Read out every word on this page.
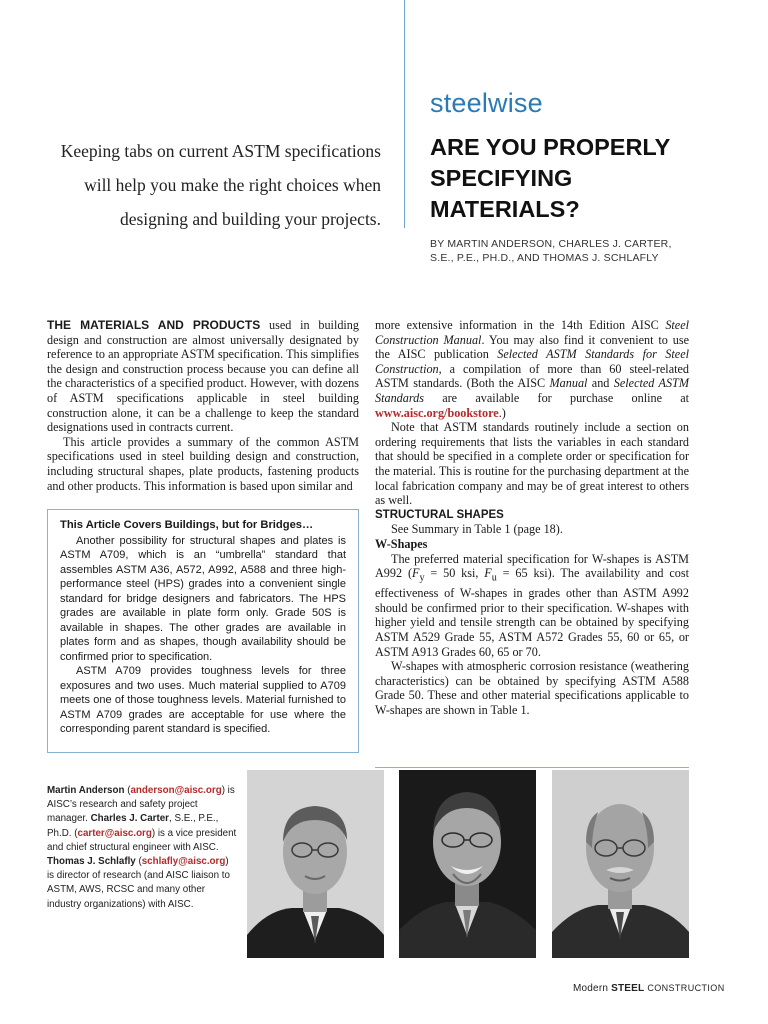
steelwise
ARE YOU PROPERLY
SPECIFYING
MATERIALS?
BY MARTIN ANDERSON, CHARLES J. CARTER,
S.E., P.E., PH.D., AND THOMAS J. SCHLAFLY
Keeping tabs on current ASTM specifications
will help you make the right choices when
designing and building your projects.

THE MATERIALS AND PRODUCTS used in building design and construction are almost universally designated by reference to an appropriate ASTM specification. This simplifies the design and construction process because you can define all the characteristics of a specified product. However, with dozens of ASTM specifications applicable in steel building construction alone, it can be a challenge to keep the standard designations used in contracts current.

This article provides a summary of the common ASTM specifications used in steel building design and construction, including structural shapes, plate products, fastening products and other products. This information is based upon similar and

This Article Covers Buildings, but for Bridges…

Another possibility for structural shapes and plates is ASTM A709, which is an “umbrella” standard that assembles ASTM A36, A572, A992, A588 and three high-performance steel (HPS) grades into a convenient single standard for bridge designers and fabricators. The HPS grades are available in plate form only. Grade 50S is available in shapes. The other grades are available in plates form and as shapes, though availability should be confirmed prior to specification.

ASTM A709 provides toughness levels for three exposures and two uses. Much material supplied to A709 meets one of those toughness levels. Material furnished to ASTM A709 grades are acceptable for use where the corresponding parent standard is specified.

more extensive information in the 14th Edition AISC Steel Construction Manual. You may also find it convenient to use the AISC publication Selected ASTM Standards for Steel Construction, a compilation of more than 60 steel-related ASTM standards. (Both the AISC Manual and Selected ASTM Standards are available for purchase online at www.aisc.org/bookstore.)

Note that ASTM standards routinely include a section on ordering requirements that lists the variables in each standard that should be specified in a complete order or specification for the material. This is routine for the purchasing department at the local fabrication company and may be of great interest to others as well.

STRUCTURAL SHAPES

See Summary in Table 1 (page 18).

W-Shapes

The preferred material specification for W-shapes is ASTM A992 ($F_y = 50$ ksi, $F_u = 65$ ksi). The availability and cost effectiveness of W-shapes in grades other than ASTM A992 should be confirmed prior to their specification. W-shapes with higher yield and tensile strength can be obtained by specifying ASTM A529 Grade 55, ASTM A572 Grades 55, 60 or 65, or ASTM A913 Grades 60, 65 or 70.

W-shapes with atmospheric corrosion resistance (weathering characteristics) can be obtained by specifying ASTM A588 Grade 50. These and other material specifications applicable to W-shapes are shown in Table 1.

Martin Anderson (anderson@aisc.org) is AISC’s research and safety project manager. Charles J. Carter, S.E., P.E., Ph.D. (carter@aisc.org) is a vice president and chief structural engineer with AISC. Thomas J. Schlafly (schlafly@aisc.org) is director of research (and AISC liaison to ASTM, AWS, RCSC and many other industry organizations) with AISC.
Modern STEEL CONSTRUCTION
